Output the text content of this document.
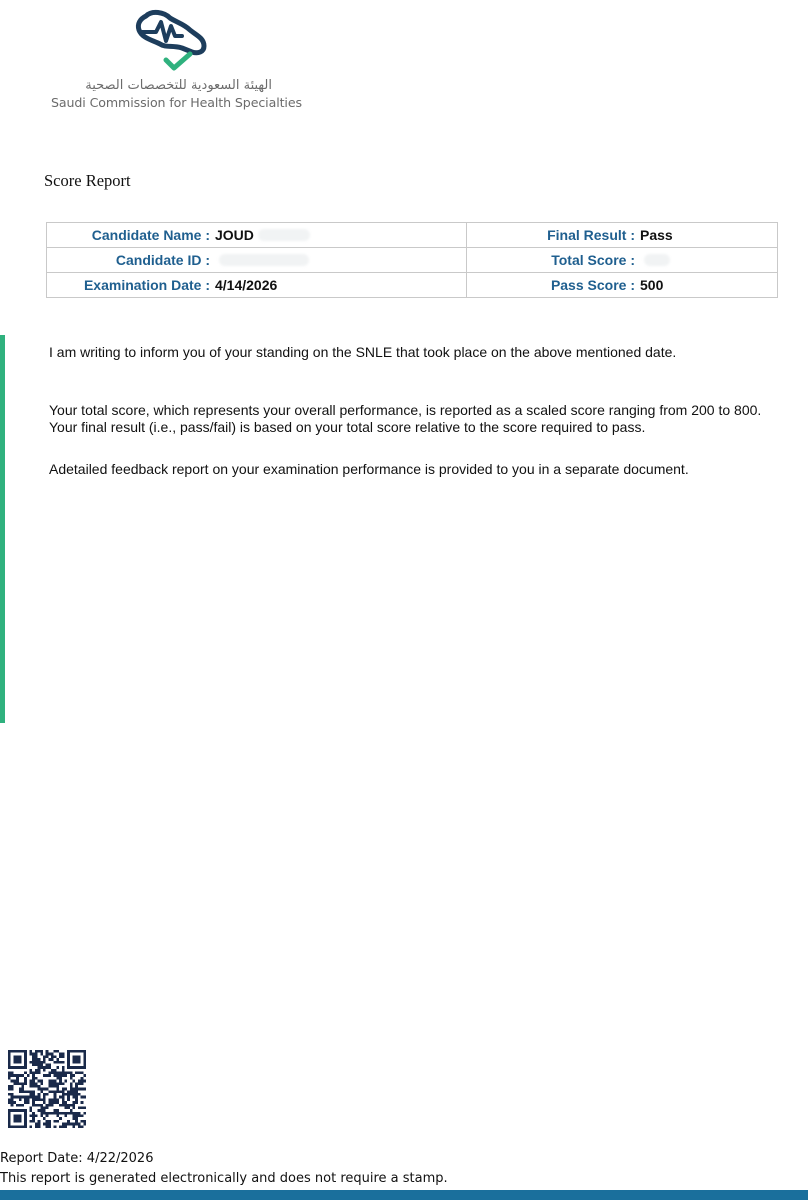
الهيئة السعودية للتخصصات الصحية
Saudi Commission for Health Specialties
Score Report
Candidate Name : JOUD	Final Result : Pass

Candidate ID :	Total Score :

Examination Date : 4/14/2026	Pass Score : 500

I am writing to inform you of your standing on the SNLE that took place on the above mentioned date.

Your total score, which represents your overall performance, is reported as a scaled score ranging from 200 to 800. Your final result (i.e., pass/fail) is based on your total score relative to the score required to pass.

Adetailed feedback report on your examination performance is provided to you in a separate document.

Report Date: 4/22/2026
This report is generated electronically and does not require a stamp.
